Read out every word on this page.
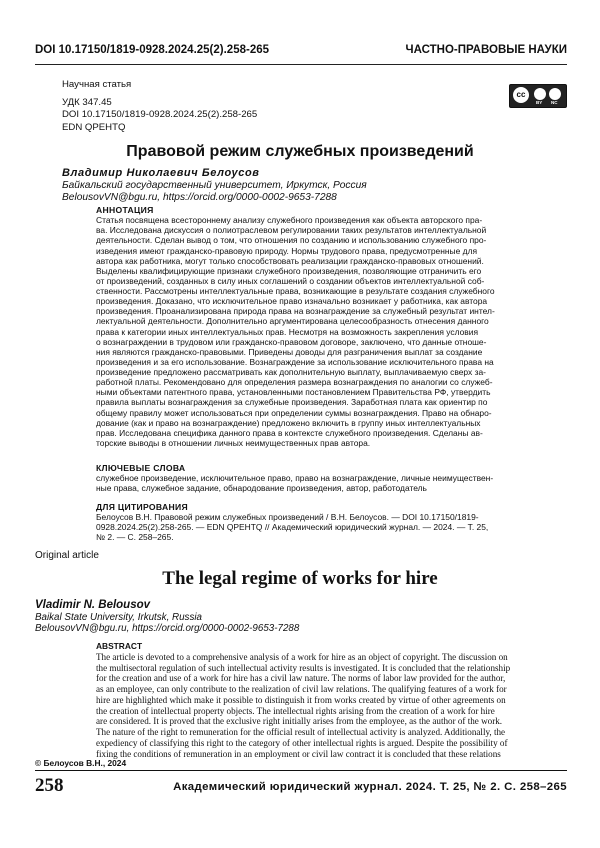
DOI 10.17150/1819-0928.2024.25(2).258-265	ЧАСТНО-ПРАВОВЫЕ НАУКИ
Научная статья
УДК 347.45
DOI 10.17150/1819-0928.2024.25(2).258-265
EDN QPEHTQ
cc
BY NC
Правовой режим служебных произведений
Владимир Николаевич Белоусов
Байкальский государственный университет, Иркутск, Россия
BelousovVN@bgu.ru, https://orcid.org/0000-0002-9653-7288
АННОТАЦИЯ

Статья посвящена всестороннему анализу служебного произведения как объекта авторского пра-

ва. Исследована дискуссия о полиотраслевом регулировании таких результатов интеллектуальной

деятельности. Сделан вывод о том, что отношения по созданию и использованию служебного про-

изведения имеют гражданско-правовую природу. Нормы трудового права, предусмотренные для

автора как работника, могут только способствовать реализации гражданско-правовых отношений.

Выделены квалифицирующие признаки служебного произведения, позволяющие отграничить его

от произведений, созданных в силу иных соглашений о создании объектов интеллектуальной соб-

ственности. Рассмотрены интеллектуальные права, возникающие в результате создания служебного

произведения. Доказано, что исключительное право изначально возникает у работника, как автора

произведения. Проанализирована природа права на вознаграждение за служебный результат интел-

лектуальной деятельности. Дополнительно аргументирована целесообразность отнесения данного

права к категории иных интеллектуальных прав. Несмотря на возможность закрепления условия

о вознаграждении в трудовом или гражданско-правовом договоре, заключено, что данные отноше-

ния являются гражданско-правовыми. Приведены доводы для разграничения выплат за создание

произведения и за его использование. Вознаграждение за использование исключительного права на

произведение предложено рассматривать как дополнительную выплату, выплачиваемую сверх за-

работной платы. Рекомендовано для определения размера вознаграждения по аналогии со служеб-

ными объектами патентного права, установленными постановлением Правительства РФ, утвердить

правила выплаты вознаграждения за служебные произведения. Заработная плата как ориентир по

общему правилу может использоваться при определении суммы вознаграждения. Право на обнаро-

дование (как и право на вознаграждение) предложено включить в группу иных интеллектуальных

прав. Исследована специфика данного права в контексте служебного произведения. Сделаны ав-

торские выводы в отношении личных неимущественных прав автора.

КЛЮЧЕВЫЕ СЛОВА

служебное произведение, исключительное право, право на вознаграждение, личные неимуществен-

ные права, служебное задание, обнародование произведения, автор, работодатель

ДЛЯ ЦИТИРОВАНИЯ

Белоусов В.Н. Правовой режим служебных произведений / В.Н. Белоусов. — DOI 10.17150/1819-

0928.2024.25(2).258-265. — EDN QPEHTQ // Академический юридический журнал. — 2024. — Т. 25,

№ 2. — С. 258–265.

Original article
The legal regime of works for hire
Vladimir N. Belousov
Baikal State University, Irkutsk, Russia
BelousovVN@bgu.ru, https://orcid.org/0000-0002-9653-7288
ABSTRACT

The article is devoted to a comprehensive analysis of a work for hire as an object of copyright. The discussion on

the multisectoral regulation of such intellectual activity results is investigated. It is concluded that the relationship

for the creation and use of a work for hire has a civil law nature. The norms of labor law provided for the author,

as an employee, can only contribute to the realization of civil law relations. The qualifying features of a work for

hire are highlighted which make it possible to distinguish it from works created by virtue of other agreements on

the creation of intellectual property objects. The intellectual rights arising from the creation of a work for hire

are considered. It is proved that the exclusive right initially arises from the employee, as the author of the work.

The nature of the right to remuneration for the official result of intellectual activity is analyzed. Additionally, the

expediency of classifying this right to the category of other intellectual rights is argued. Despite the possibility of

fixing the conditions of remuneration in an employment or civil law contract it is concluded that these relations

© Белоусов В.Н., 2024
258	Академический юридический журнал. 2024. Т. 25, № 2. С. 258–265
